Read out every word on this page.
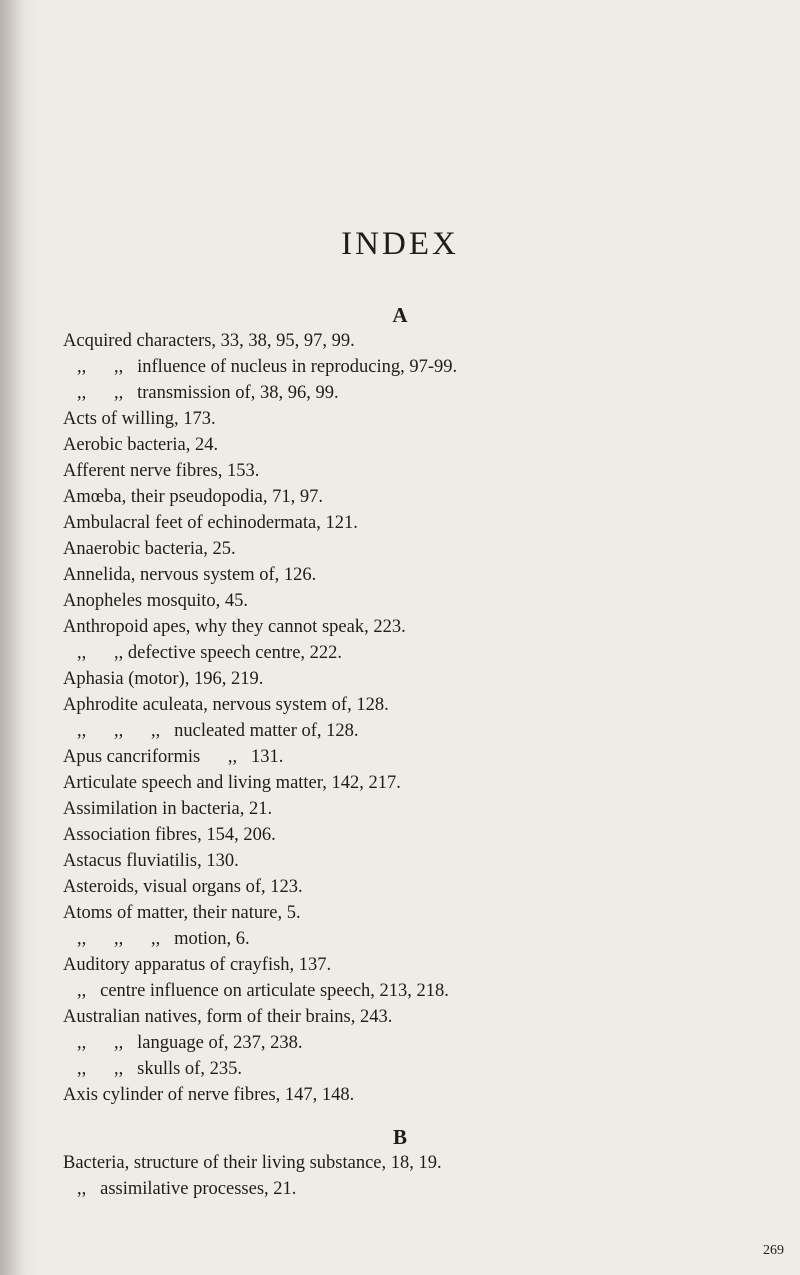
INDEX
A
Acquired characters, 33, 38, 95, 97, 99.
,,      ,,   influence of nucleus in reproducing, 97-99.
,,      ,,   transmission of, 38, 96, 99.
Acts of willing, 173.
Aerobic bacteria, 24.
Afferent nerve fibres, 153.
Amœba, their pseudopodia, 71, 97.
Ambulacral feet of echinodermata, 121.
Anaerobic bacteria, 25.
Annelida, nervous system of, 126.
Anopheles mosquito, 45.
Anthropoid apes, why they cannot speak, 223.
,,      ,, defective speech centre, 222.
Aphasia (motor), 196, 219.
Aphrodite aculeata, nervous system of, 128.
,,      ,,      ,,   nucleated matter of, 128.
Apus cancriformis      ,,   131.
Articulate speech and living matter, 142, 217.
Assimilation in bacteria, 21.
Association fibres, 154, 206.
Astacus fluviatilis, 130.
Asteroids, visual organs of, 123.
Atoms of matter, their nature, 5.
,,      ,,      ,,   motion, 6.
Auditory apparatus of crayfish, 137.
,,   centre influence on articulate speech, 213, 218.
Australian natives, form of their brains, 243.
,,      ,,   language of, 237, 238.
,,      ,,   skulls of, 235.
Axis cylinder of nerve fibres, 147, 148.
B
Bacteria, structure of their living substance, 18, 19.
,,   assimilative processes, 21.
269
